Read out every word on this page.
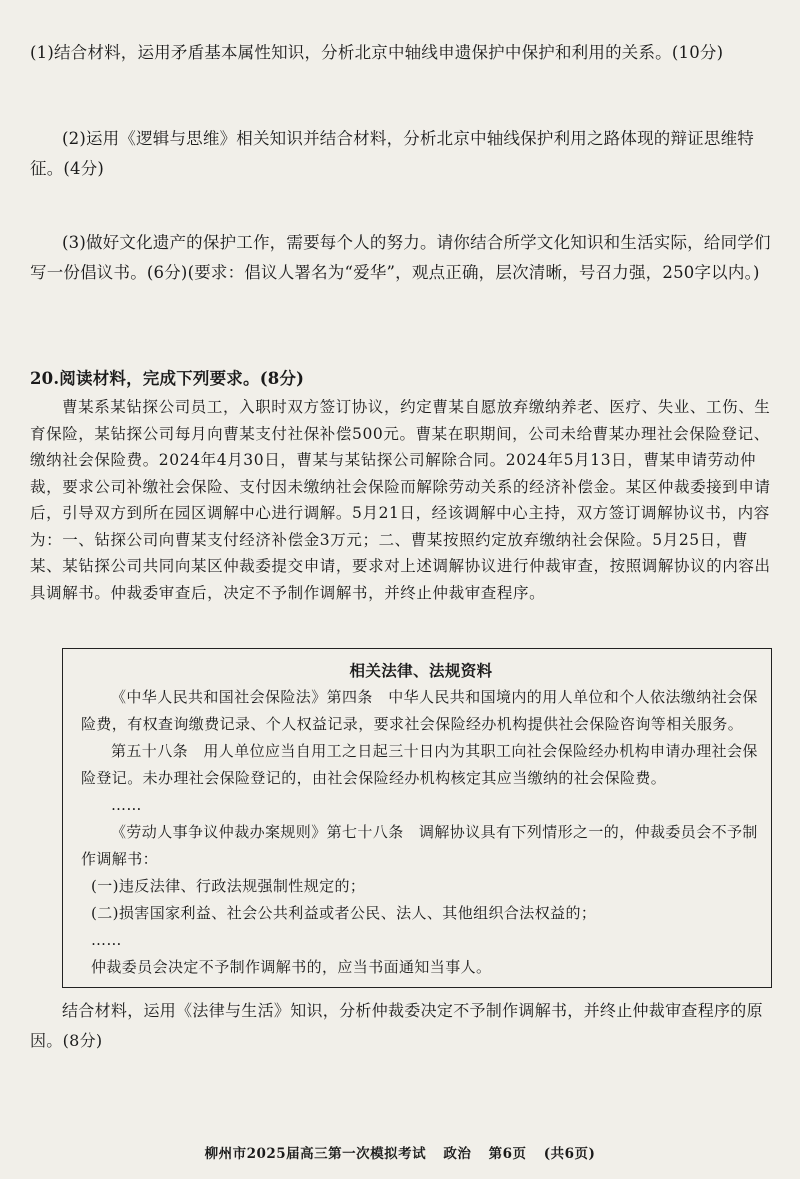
(1)结合材料，运用矛盾基本属性知识，分析北京中轴线申遗保护中保护和利用的关系。(10分)
(2)运用《逻辑与思维》相关知识并结合材料，分析北京中轴线保护利用之路体现的辩证思维特征。(4分)
(3)做好文化遗产的保护工作，需要每个人的努力。请你结合所学文化知识和生活实际，给同学们写一份倡议书。(6分)(要求：倡议人署名为“爱华”，观点正确，层次清晰，号召力强，250字以内。)
20.阅读材料，完成下列要求。(8分)
曹某系某钻探公司员工，入职时双方签订协议，约定曹某自愿放弃缴纳养老、医疗、失业、工伤、生育保险，某钻探公司每月向曹某支付社保补偿500元。曹某在职期间，公司未给曹某办理社会保险登记、缴纳社会保险费。2024年4月30日，曹某与某钻探公司解除合同。2024年5月13日，曹某申请劳动仲裁，要求公司补缴社会保险、支付因未缴纳社会保险而解除劳动关系的经济补偿金。某区仲裁委接到申请后，引导双方到所在园区调解中心进行调解。5月21日，经该调解中心主持，双方签订调解协议书，内容为：一、钻探公司向曹某支付经济补偿金3万元；二、曹某按照约定放弃缴纳社会保险。5月25日，曹某、某钻探公司共同向某区仲裁委提交申请，要求对上述调解协议进行仲裁审查，按照调解协议的内容出具调解书。仲裁委审查后，决定不予制作调解书，并终止仲裁审查程序。

相关法律、法规资料

《中华人民共和国社会保险法》第四条　中华人民共和国境内的用人单位和个人依法缴纳社会保险费，有权查询缴费记录、个人权益记录，要求社会保险经办机构提供社会保险咨询等相关服务。

第五十八条　用人单位应当自用工之日起三十日内为其职工向社会保险经办机构申请办理社会保险登记。未办理社会保险登记的，由社会保险经办机构核定其应当缴纳的社会保险费。

……

《劳动人事争议仲裁办案规则》第七十八条　调解协议具有下列情形之一的，仲裁委员会不予制作调解书：

(一)违反法律、行政法规强制性规定的；

(二)损害国家利益、社会公共利益或者公民、法人、其他组织合法权益的；

……

仲裁委员会决定不予制作调解书的，应当书面通知当事人。

结合材料，运用《法律与生活》知识，分析仲裁委决定不予制作调解书，并终止仲裁审查程序的原因。(8分)
柳州市2025届高三第一次模拟考试 政治 第6页 (共6页)
